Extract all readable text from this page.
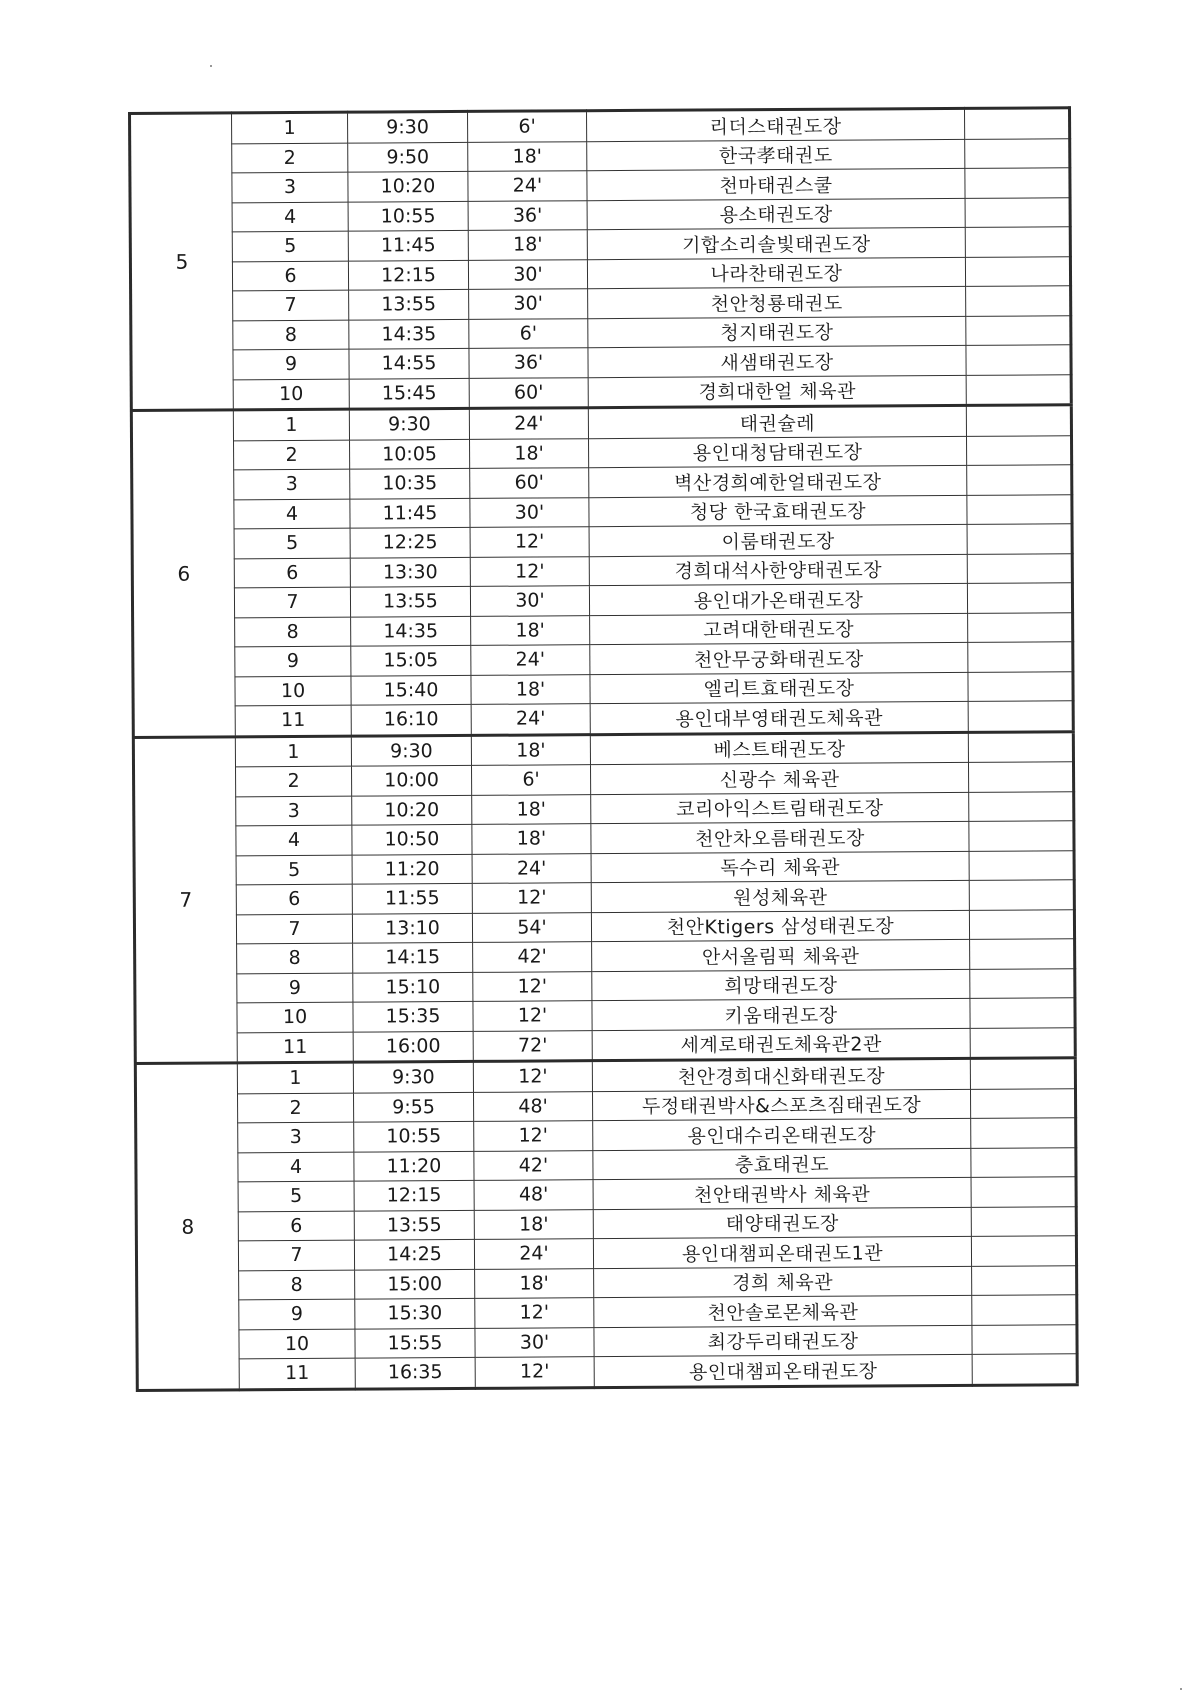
5	1	9:30	6'	리더스태권도장	
	2	9:50	18'	한국孝태권도	
	3	10:20	24'	천마태권스쿨	
	4	10:55	36'	용소태권도장	
	5	11:45	18'	기합소리솔빛태권도장	
	6	12:15	30'	나라찬태권도장	
	7	13:55	30'	천안청룡태권도	
	8	14:35	6'	청지태권도장	
	9	14:55	36'	새샘태권도장	
	10	15:45	60'	경희대한얼 체육관	
6	1	9:30	24'	태권슐레	
	2	10:05	18'	용인대청담태권도장	
	3	10:35	60'	벽산경희예한얼태권도장	
	4	11:45	30'	청당 한국효태권도장	
	5	12:25	12'	이룸태권도장	
	6	13:30	12'	경희대석사한양태권도장	
	7	13:55	30'	용인대가온태권도장	
	8	14:35	18'	고려대한태권도장	
	9	15:05	24'	천안무궁화태권도장	
	10	15:40	18'	엘리트효태권도장	
	11	16:10	24'	용인대부영태권도체육관	
7	1	9:30	18'	베스트태권도장	
	2	10:00	6'	신광수 체육관	
	3	10:20	18'	코리아익스트림태권도장	
	4	10:50	18'	천안차오름태권도장	
	5	11:20	24'	독수리 체육관	
	6	11:55	12'	원성체육관	
	7	13:10	54'	천안Ktigers 삼성태권도장	
	8	14:15	42'	안서올림픽 체육관	
	9	15:10	12'	희망태권도장	
	10	15:35	12'	키움태권도장	
	11	16:00	72'	세계로태권도체육관2관	
8	1	9:30	12'	천안경희대신화태권도장	
	2	9:55	48'	두정태권박사&스포츠짐태권도장	
	3	10:55	12'	용인대수리온태권도장	
	4	11:20	42'	충효태권도	
	5	12:15	48'	천안태권박사 체육관	
	6	13:55	18'	태양태권도장	
	7	14:25	24'	용인대챔피온태권도1관	
	8	15:00	18'	경희 체육관	
	9	15:30	12'	천안솔로몬체육관	
	10	15:55	30'	최강두리태권도장	
	11	16:35	12'	용인대챔피온태권도장	
